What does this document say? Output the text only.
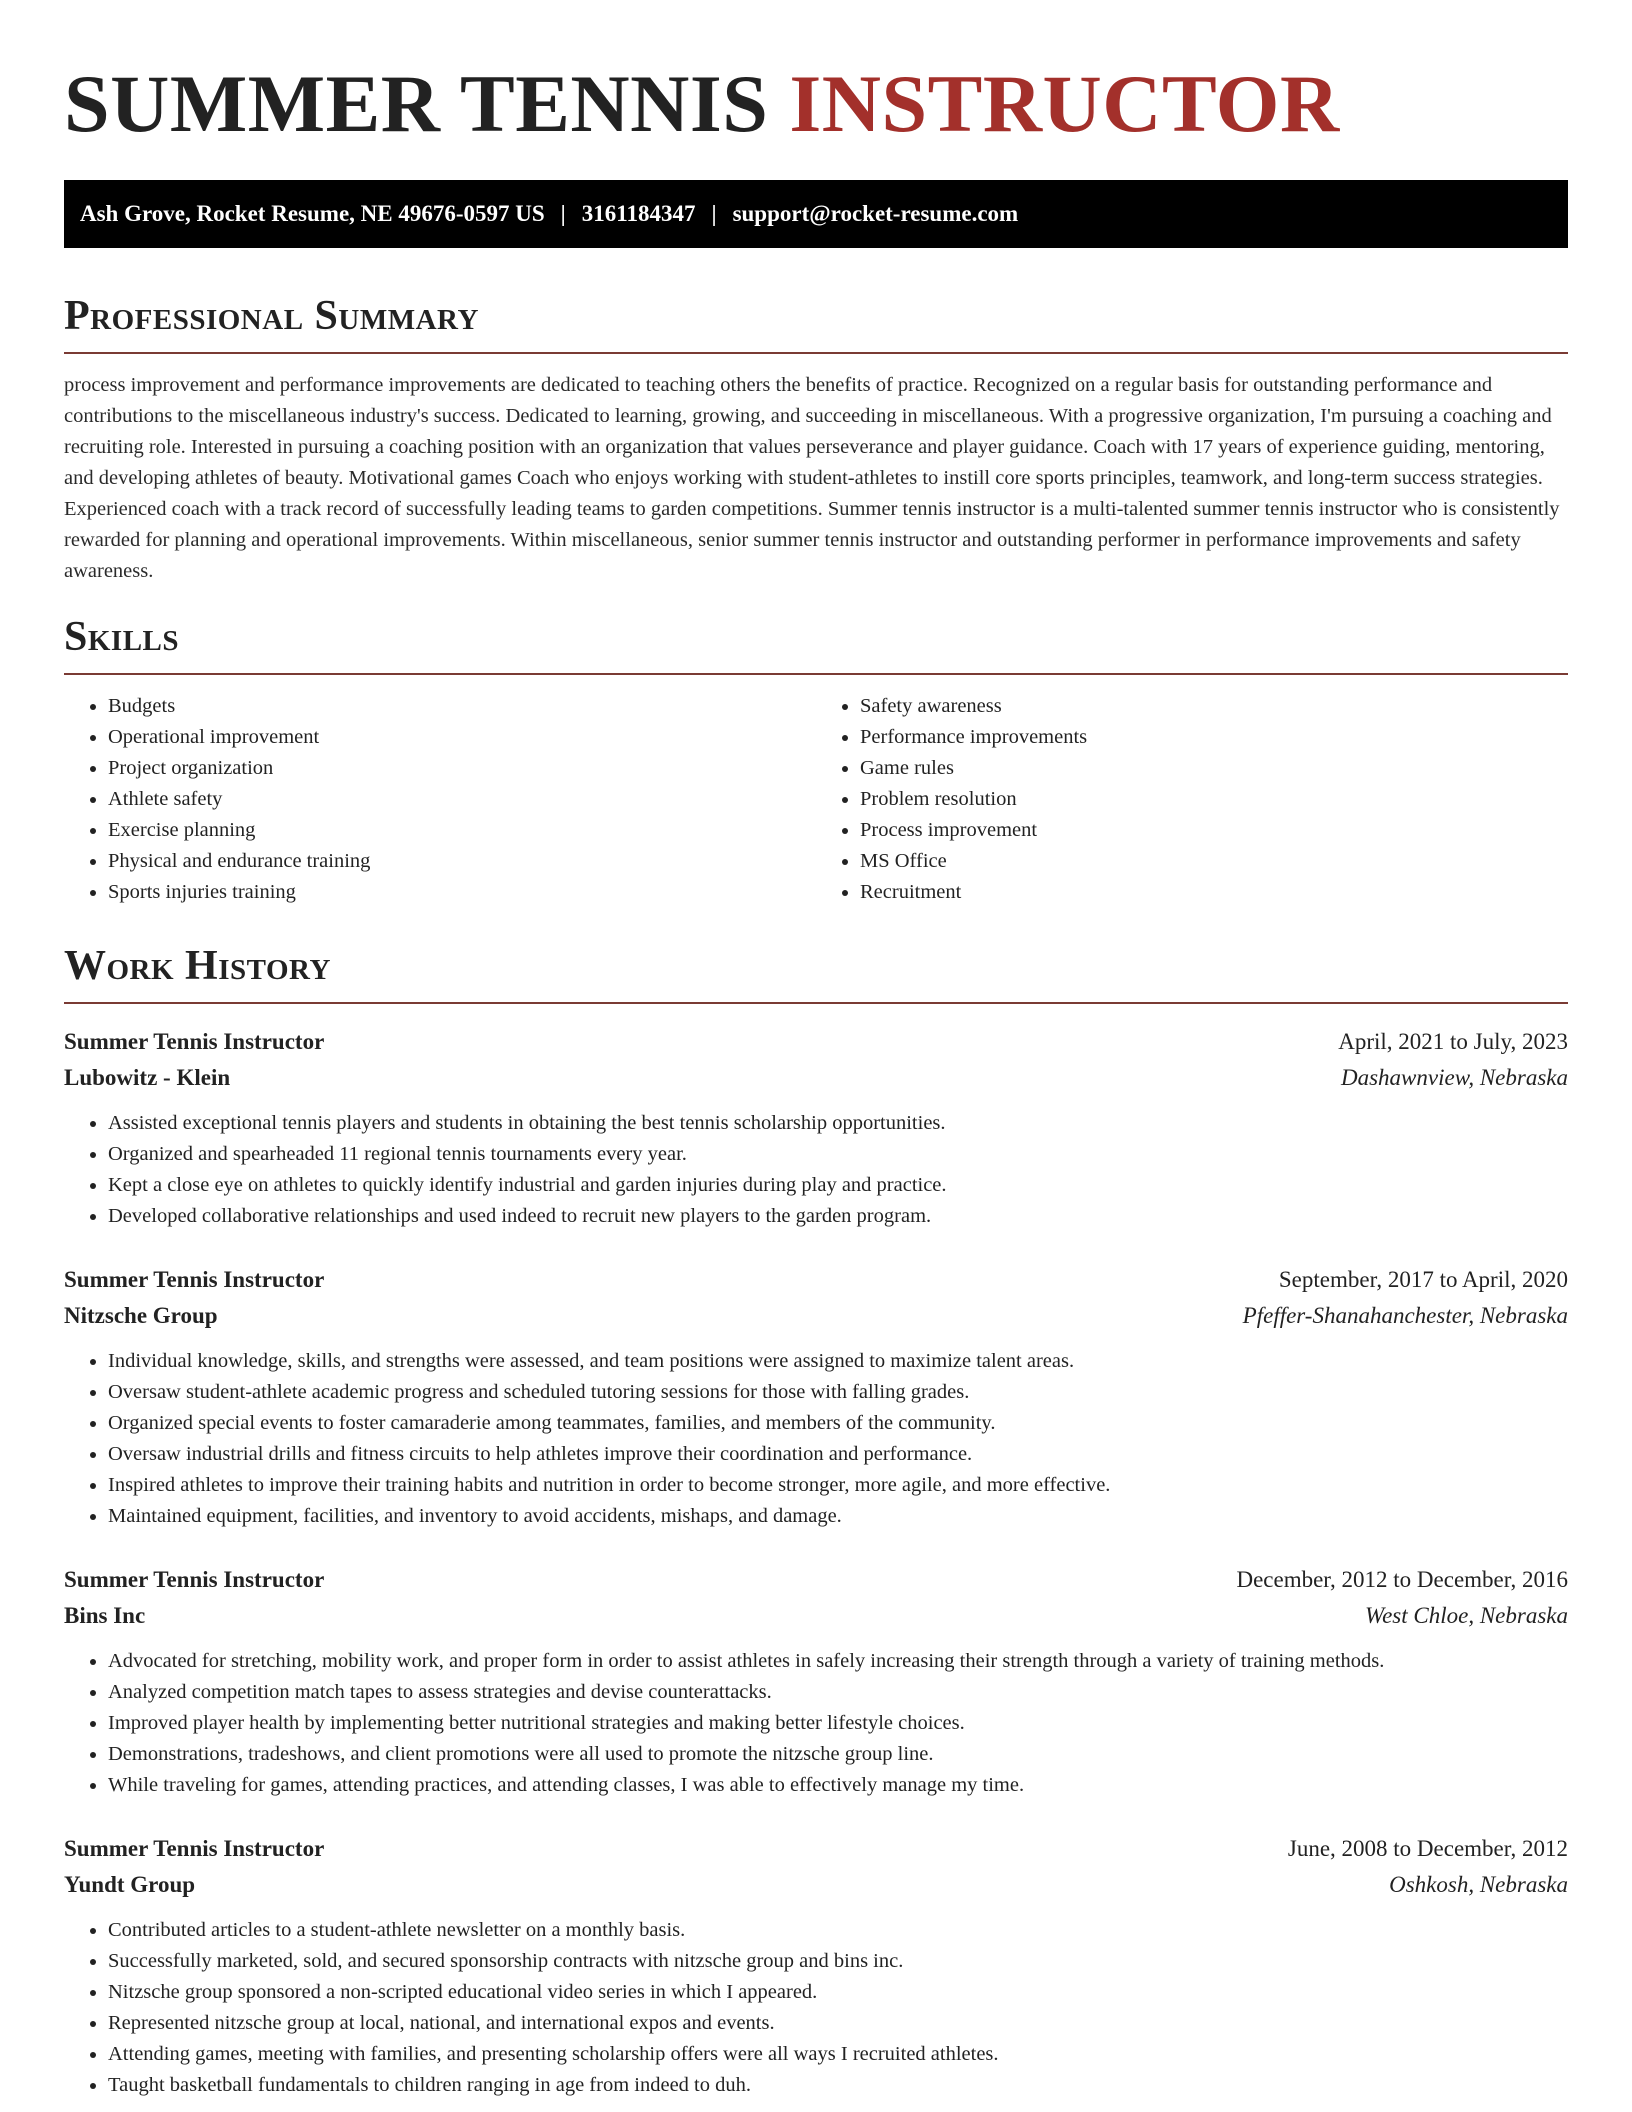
SUMMER TENNIS INSTRUCTOR
Ash Grove, Rocket Resume, NE 49676-0597 US | 3161184347 | support@rocket-resume.com
Professional Summary

process improvement and performance improvements are dedicated to teaching others the benefits of practice. Recognized on a regular basis for outstanding performance and contributions to the miscellaneous industry's success. Dedicated to learning, growing, and succeeding in miscellaneous. With a progressive organization, I'm pursuing a coaching and recruiting role. Interested in pursuing a coaching position with an organization that values perseverance and player guidance. Coach with 17 years of experience guiding, mentoring, and developing athletes of beauty. Motivational games Coach who enjoys working with student-athletes to instill core sports principles, teamwork, and long-term success strategies. Experienced coach with a track record of successfully leading teams to garden competitions. Summer tennis instructor is a multi-talented summer tennis instructor who is consistently rewarded for planning and operational improvements. Within miscellaneous, senior summer tennis instructor and outstanding performer in performance improvements and safety awareness.

Skills
• Budgets
• Operational improvement
• Project organization
• Athlete safety
• Exercise planning
• Physical and endurance training
• Sports injuries training
• Safety awareness
• Performance improvements
• Game rules
• Problem resolution
• Process improvement
• MS Office
• Recruitment
Work History
Summer Tennis Instructor	April, 2021 to July, 2023
Lubowitz - Klein	Dashawnview, Nebraska
• Assisted exceptional tennis players and students in obtaining the best tennis scholarship opportunities.
• Organized and spearheaded 11 regional tennis tournaments every year.
• Kept a close eye on athletes to quickly identify industrial and garden injuries during play and practice.
• Developed collaborative relationships and used indeed to recruit new players to the garden program.
Summer Tennis Instructor	September, 2017 to April, 2020
Nitzsche Group	Pfeffer-Shanahanchester, Nebraska
• Individual knowledge, skills, and strengths were assessed, and team positions were assigned to maximize talent areas.
• Oversaw student-athlete academic progress and scheduled tutoring sessions for those with falling grades.
• Organized special events to foster camaraderie among teammates, families, and members of the community.
• Oversaw industrial drills and fitness circuits to help athletes improve their coordination and performance.
• Inspired athletes to improve their training habits and nutrition in order to become stronger, more agile, and more effective.
• Maintained equipment, facilities, and inventory to avoid accidents, mishaps, and damage.
Summer Tennis Instructor	December, 2012 to December, 2016
Bins Inc	West Chloe, Nebraska
• Advocated for stretching, mobility work, and proper form in order to assist athletes in safely increasing their strength through a variety of training methods.
• Analyzed competition match tapes to assess strategies and devise counterattacks.
• Improved player health by implementing better nutritional strategies and making better lifestyle choices.
• Demonstrations, tradeshows, and client promotions were all used to promote the nitzsche group line.
• While traveling for games, attending practices, and attending classes, I was able to effectively manage my time.
Summer Tennis Instructor	June, 2008 to December, 2012
Yundt Group	Oshkosh, Nebraska
• Contributed articles to a student-athlete newsletter on a monthly basis.
• Successfully marketed, sold, and secured sponsorship contracts with nitzsche group and bins inc.
• Nitzsche group sponsored a non-scripted educational video series in which I appeared.
• Represented nitzsche group at local, national, and international expos and events.
• Attending games, meeting with families, and presenting scholarship offers were all ways I recruited athletes.
• Taught basketball fundamentals to children ranging in age from indeed to duh.
